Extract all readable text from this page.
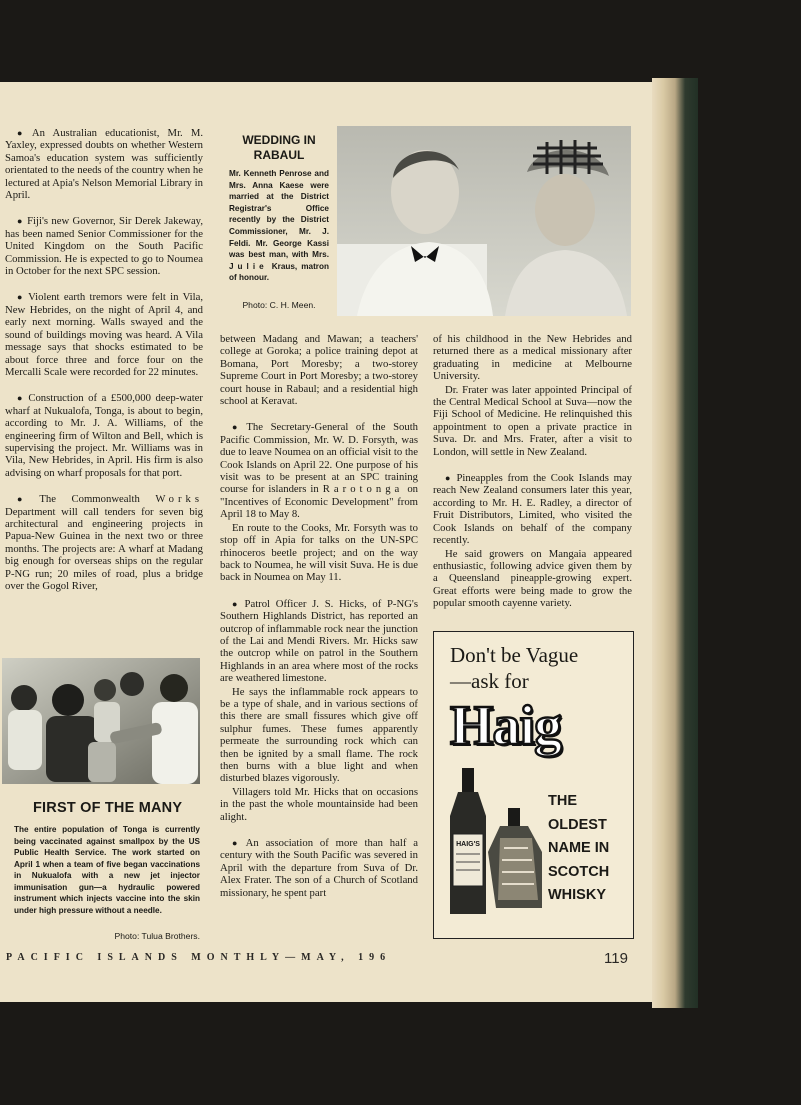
● An Australian educationist, Mr. M. Yaxley, expressed doubts on whether Western Samoa's education system was sufficiently orientated to the needs of the country when he lectured at Apia's Nelson Memorial Library in April.

● Fiji's new Governor, Sir Derek Jakeway, has been named Senior Commissioner for the United Kingdom on the South Pacific Commission. He is expected to go to Noumea in October for the next SPC session.

● Violent earth tremors were felt in Vila, New Hebrides, on the night of April 4, and early next morning. Walls swayed and the sound of buildings moving was heard. A Vila message says that shocks estimated to be about force three and force four on the Mercalli Scale were recorded for 22 minutes.

● Construction of a £500,000 deep-water wharf at Nukualofa, Tonga, is about to begin, according to Mr. J. A. Williams, of the engineering firm of Wilton and Bell, which is supervising the project. Mr. Williams was in Vila, New Hebrides, in April. His firm is also advising on wharf proposals for that port.

● The Commonwealth Works Department will call tenders for seven big architectural and engineering projects in Papua-New Guinea in the next two or three months. The projects are: A wharf at Madang big enough for overseas ships on the regular P-NG run; 20 miles of road, plus a bridge over the Gogol River,

FIRST OF THE MANY
The entire population of Tonga is currently being vaccinated against smallpox by the US Public Health Service. The work started on April 1 when a team of five began vaccinations in Nukualofa with a new jet injector immunisation gun—a hydraulic powered instrument which injects vaccine into the skin under high pressure without a needle.
Photo: Tulua Brothers.
WEDDING IN
RABAUL
Mr. Kenneth Penrose and Mrs. Anna Kaese were married at the District Registrar's Office recently by the District Commissioner, Mr. J. Feldi. Mr. George Kassi was best man, with Mrs. Julie Kraus, matron of honour.
Photo: C. H. Meen.

between Madang and Mawan; a teachers' college at Goroka; a police training depot at Bomana, Port Moresby; a two-storey Supreme Court in Port Moresby; a two-storey court house in Rabaul; and a residential high school at Keravat.

● The Secretary-General of the South Pacific Commission, Mr. W. D. Forsyth, was due to leave Noumea on an official visit to the Cook Islands on April 22. One purpose of his visit was to be present at an SPC training course for islanders in Rarotonga on "Incentives of Economic Development" from April 18 to May 8.

En route to the Cooks, Mr. Forsyth was to stop off in Apia for talks on the UN-SPC rhinoceros beetle project; and on the way back to Noumea, he will visit Suva. He is due back in Noumea on May 11.

● Patrol Officer J. S. Hicks, of P-NG's Southern Highlands District, has reported an outcrop of inflammable rock near the junction of the Lai and Mendi Rivers. Mr. Hicks saw the outcrop while on patrol in the Southern Highlands in an area where most of the rocks are weathered limestone.

He says the inflammable rock appears to be a type of shale, and in various sections of this there are small fissures which give off sulphur fumes. These fumes apparently permeate the surrounding rock which can then be ignited by a small flame. The rock then burns with a blue light and when disturbed blazes vigorously.

Villagers told Mr. Hicks that on occasions in the past the whole mountainside had been alight.

● An association of more than half a century with the South Pacific was severed in April with the departure from Suva of Dr. Alex Frater. The son of a Church of Scotland missionary, he spent part

of his childhood in the New Hebrides and returned there as a medical missionary after graduating in medicine at Melbourne University.

Dr. Frater was later appointed Principal of the Central Medical School at Suva—now the Fiji School of Medicine. He relinquished this appointment to open a private practice in Suva. Dr. and Mrs. Frater, after a visit to London, will settle in New Zealand.

● Pineapples from the Cook Islands may reach New Zealand consumers later this year, according to Mr. H. E. Radley, a director of Fruit Distributors, Limited, who visited the Cook Islands on behalf of the company recently.

He said growers on Mangaia appeared enthusiastic, following advice given them by a Queensland pineapple-growing expert. Great efforts were being made to grow the popular smooth cayenne variety.

Don't be Vague
—ask for
Haig
HAIG'S
THE
OLDEST
NAME IN
SCOTCH
WHISKY
PACIFIC ISLANDS MONTHLY—MAY, 196	119
